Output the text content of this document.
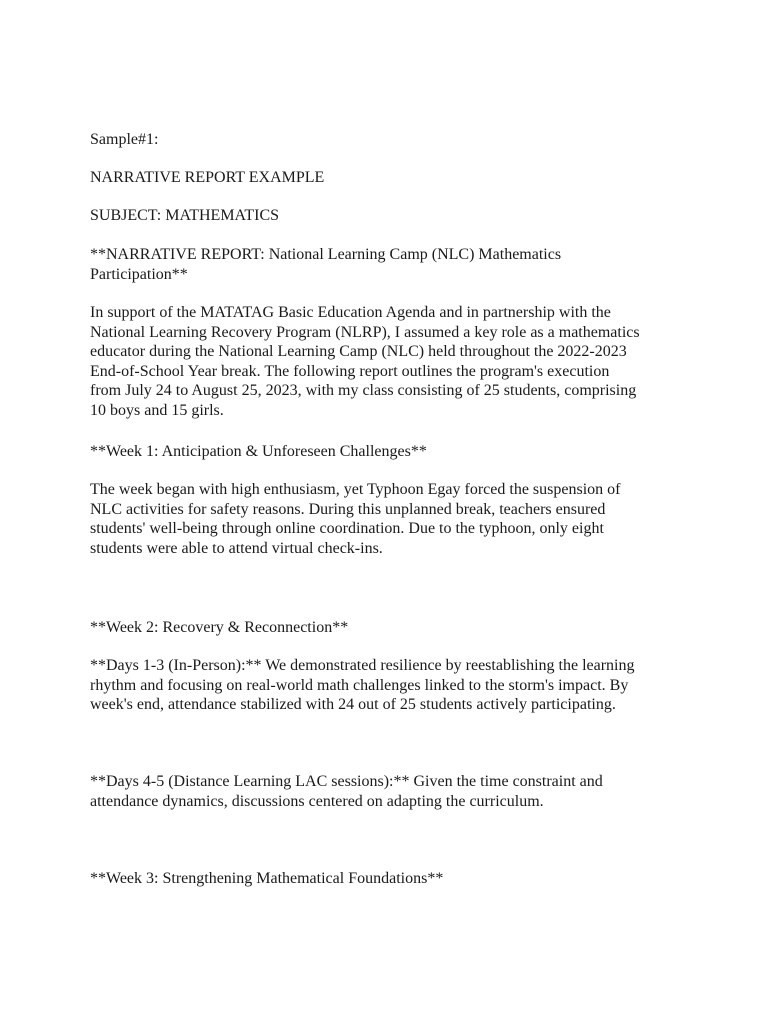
Sample#1:

NARRATIVE REPORT EXAMPLE

SUBJECT: MATHEMATICS

**NARRATIVE REPORT: National Learning Camp (NLC) Mathematics
Participation**

In support of the MATATAG Basic Education Agenda and in partnership with the
National Learning Recovery Program (NLRP), I assumed a key role as a mathematics
educator during the National Learning Camp (NLC) held throughout the 2022-2023
End-of-School Year break. The following report outlines the program's execution
from July 24 to August 25, 2023, with my class consisting of 25 students, comprising
10 boys and 15 girls.

**Week 1: Anticipation & Unforeseen Challenges**

The week began with high enthusiasm, yet Typhoon Egay forced the suspension of
NLC activities for safety reasons. During this unplanned break, teachers ensured
students' well-being through online coordination. Due to the typhoon, only eight
students were able to attend virtual check-ins.

**Week 2: Recovery & Reconnection**

**Days 1-3 (In-Person):** We demonstrated resilience by reestablishing the learning
rhythm and focusing on real-world math challenges linked to the storm's impact. By
week's end, attendance stabilized with 24 out of 25 students actively participating.

**Days 4-5 (Distance Learning LAC sessions):** Given the time constraint and
attendance dynamics, discussions centered on adapting the curriculum.

**Week 3: Strengthening Mathematical Foundations**
